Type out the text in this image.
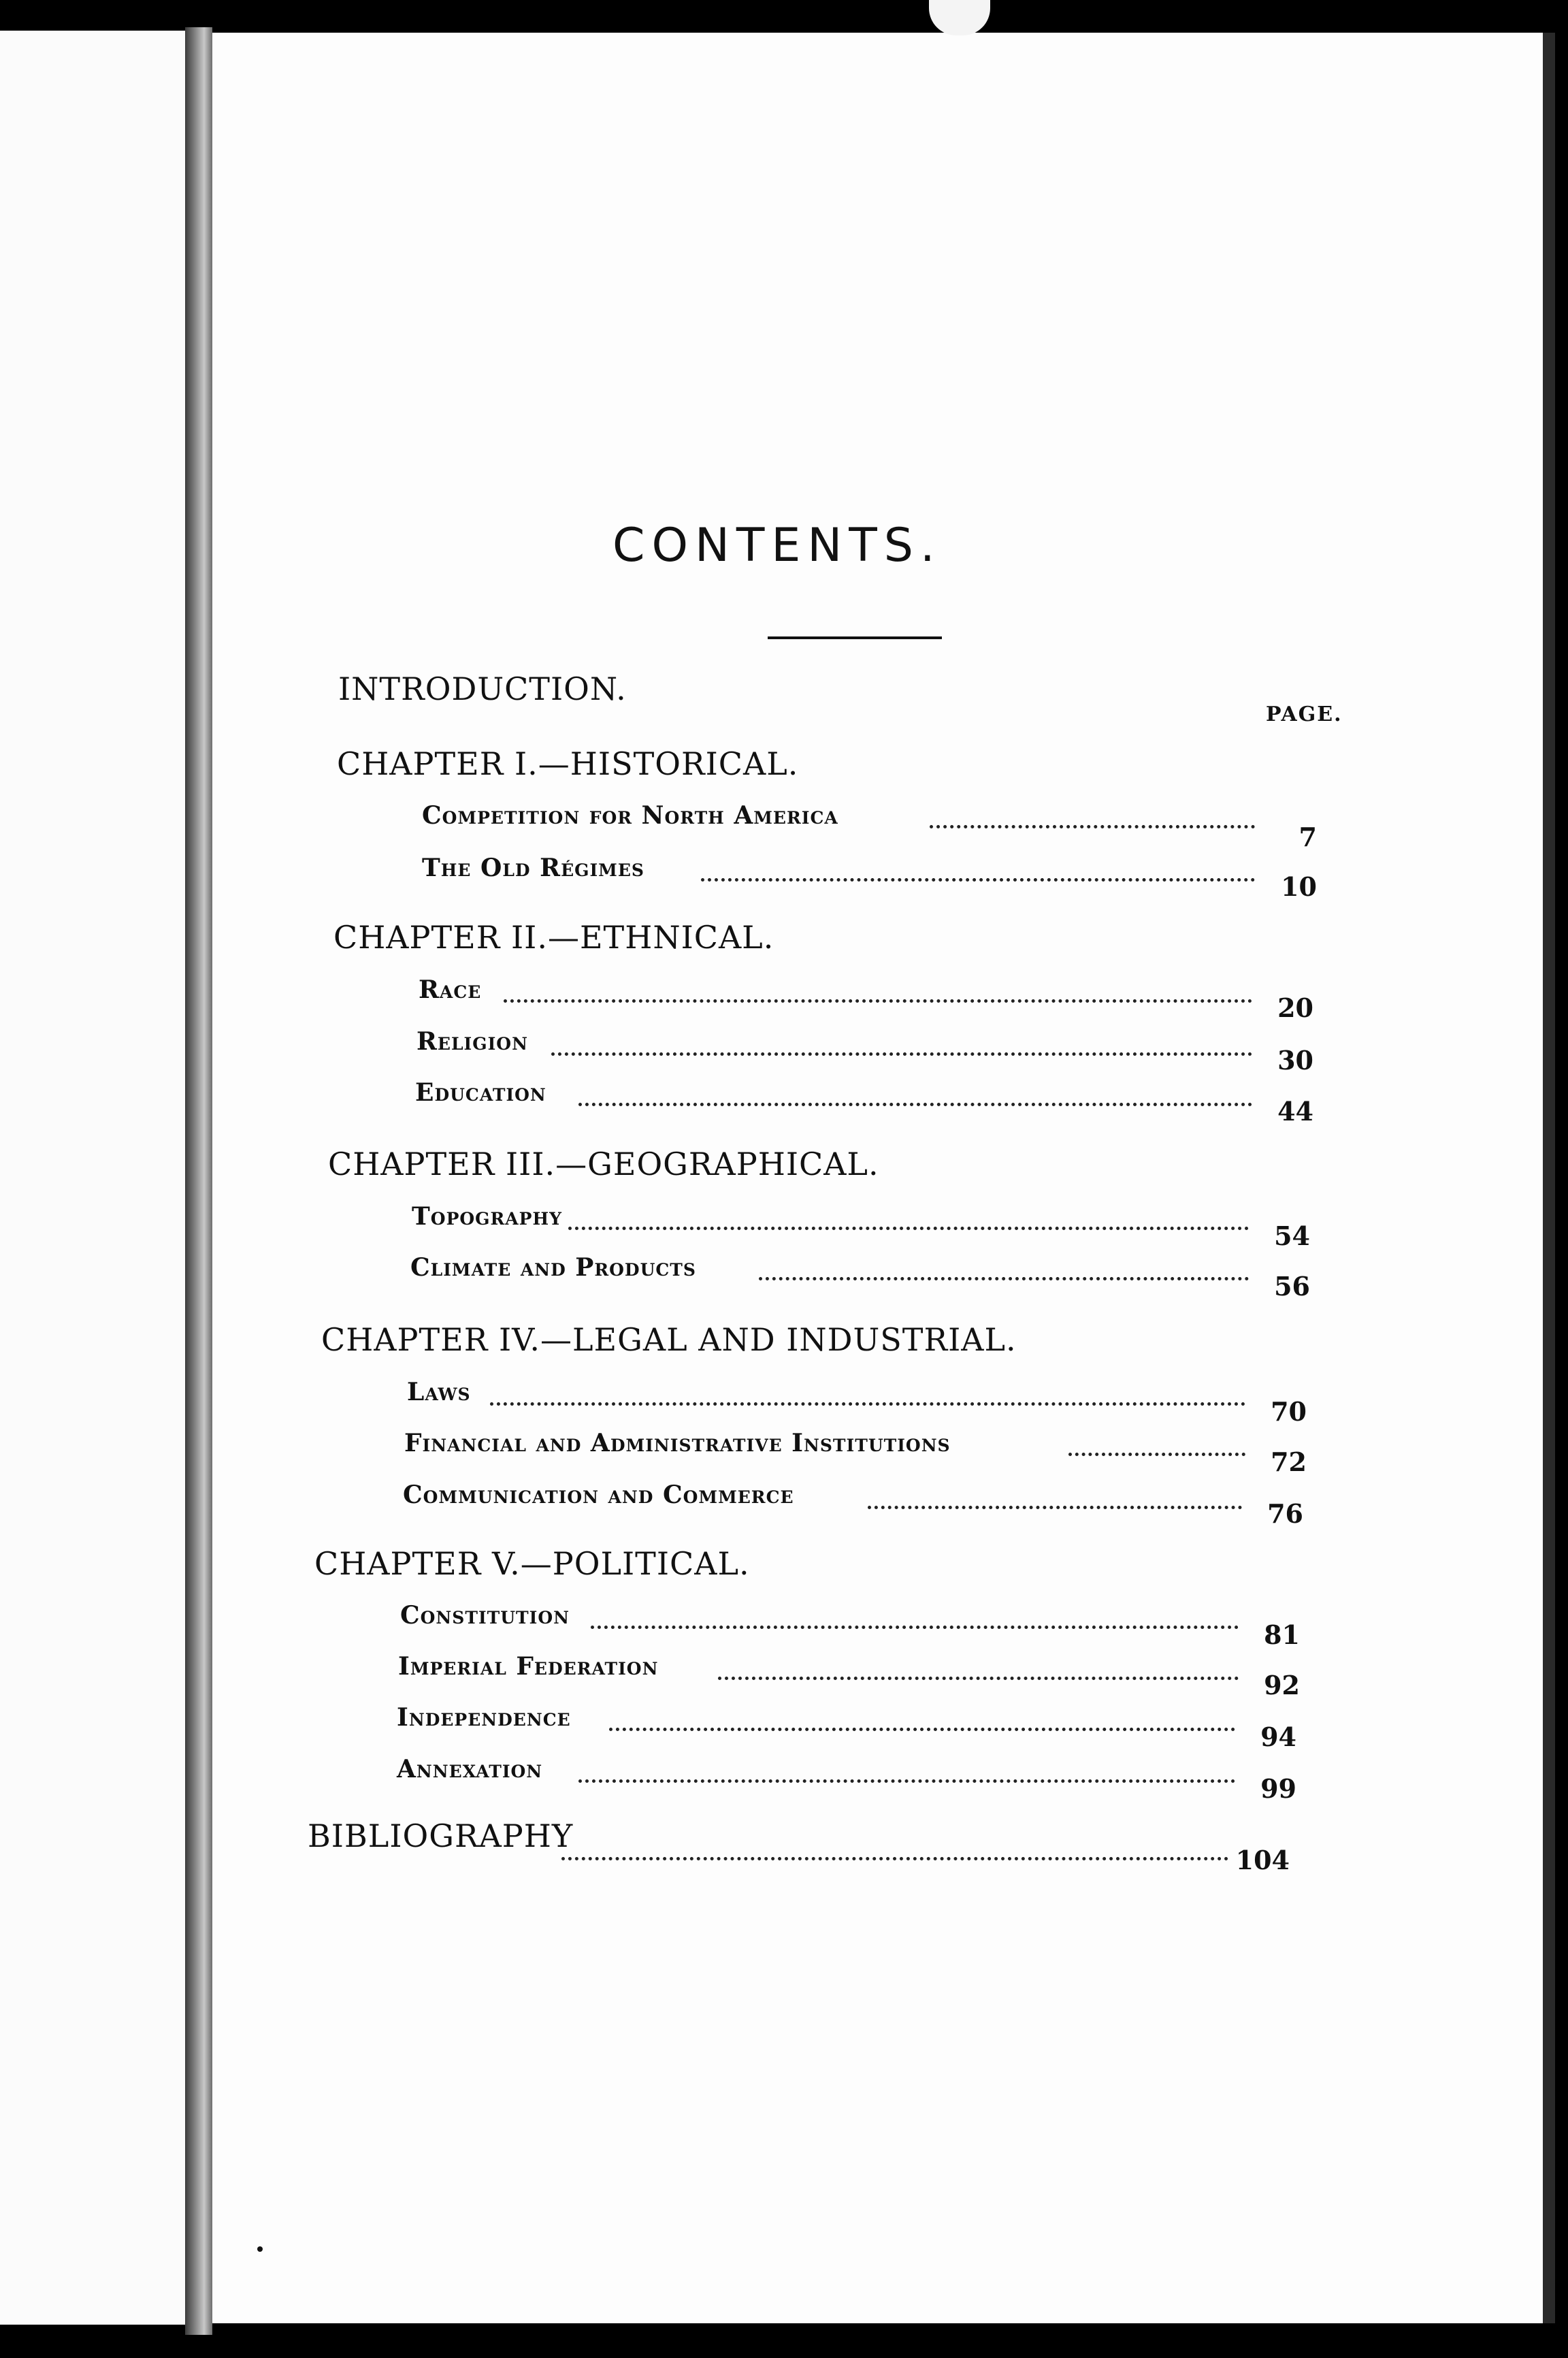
CONTENTS.
PAGE.
INTRODUCTION.
CHAPTER I.—HISTORICAL.
Competition for North America
7
The Old Régimes
10
CHAPTER II.—ETHNICAL.
Race
20
Religion
30
Education
44
CHAPTER III.—GEOGRAPHICAL.
Topography
54
Climate and Products
56
CHAPTER IV.—LEGAL AND INDUSTRIAL.
Laws
70
Financial and Administrative Institutions
72
Communication and Commerce
76
CHAPTER V.—POLITICAL.
Constitution
81
Imperial Federation
92
Independence
94
Annexation
99
BIBLIOGRAPHY
104
